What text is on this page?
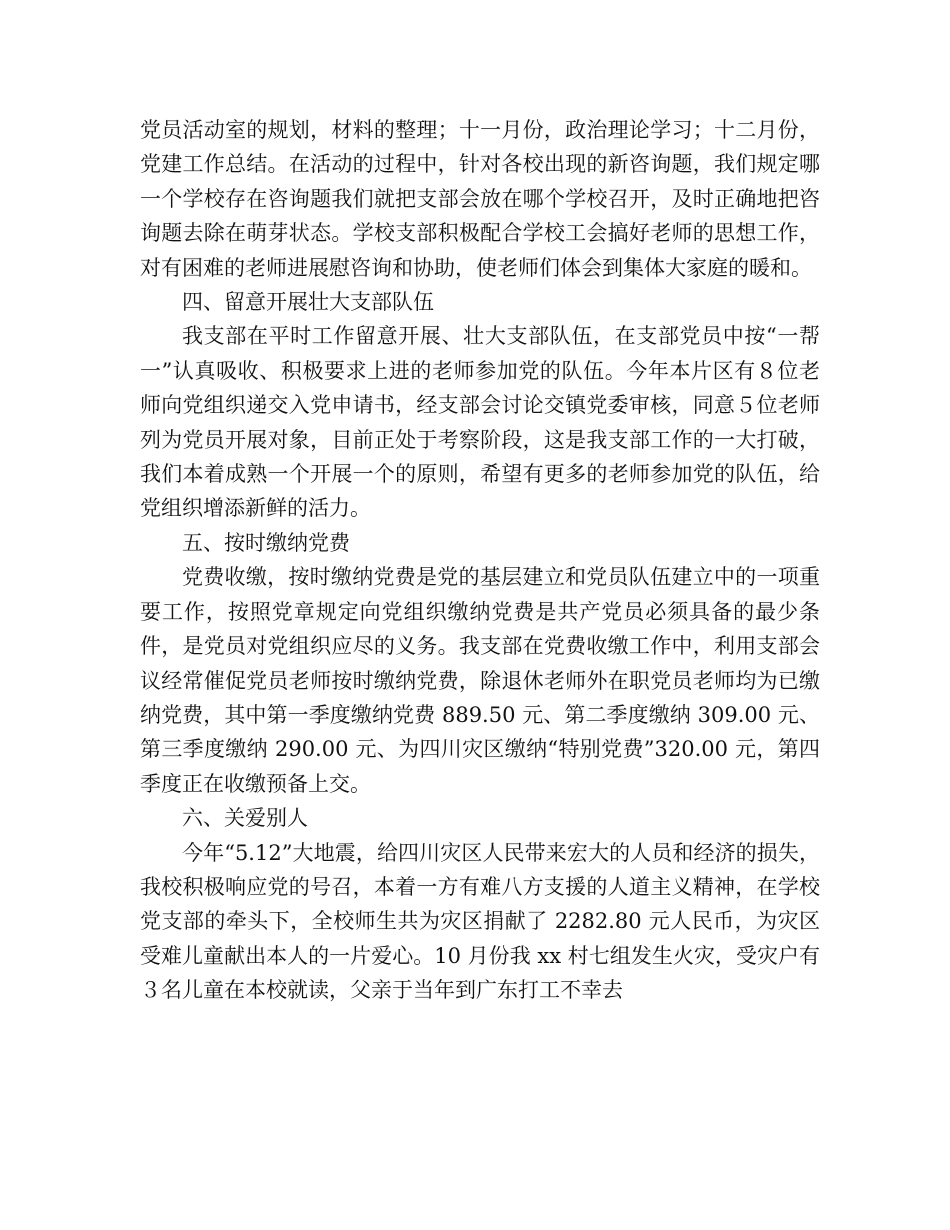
党员活动室的规划，材料的整理；十一月份，政治理论学习；十二月份，党建工作总结。在活动的过程中，针对各校出现的新咨询题，我们规定哪一个学校存在咨询题我们就把支部会放在哪个学校召开，及时正确地把咨询题去除在萌芽状态。学校支部积极配合学校工会搞好老师的思想工作，对有困难的老师进展慰咨询和协助，使老师们体会到集体大家庭的暖和。

四、留意开展壮大支部队伍

我支部在平时工作留意开展、壮大支部队伍，在支部党员中按“一帮一”认真吸收、积极要求上进的老师参加党的队伍。今年本片区有８位老师向党组织递交入党申请书，经支部会讨论交镇党委审核，同意５位老师列为党员开展对象，目前正处于考察阶段，这是我支部工作的一大打破，我们本着成熟一个开展一个的原则，希望有更多的老师参加党的队伍，给党组织增添新鲜的活力。

五、按时缴纳党费

党费收缴，按时缴纳党费是党的基层建立和党员队伍建立中的一项重要工作，按照党章规定向党组织缴纳党费是共产党员必须具备的最少条件，是党员对党组织应尽的义务。我支部在党费收缴工作中，利用支部会议经常催促党员老师按时缴纳党费，除退休老师外在职党员老师均为已缴纳党费，其中第一季度缴纳党费 889.50 元、第二季度缴纳 309.00 元、第三季度缴纳 290.00 元、为四川灾区缴纳“特别党费”320.00 元，第四季度正在收缴预备上交。

六、关爱别人

今年“5.12”大地震，给四川灾区人民带来宏大的人员和经济的损失，我校积极响应党的号召，本着一方有难八方支援的人道主义精神，在学校党支部的牵头下，全校师生共为灾区捐献了 2282.80 元人民币，为灾区受难儿童献出本人的一片爱心。10 月份我 xx 村七组发生火灾，受灾户有３名儿童在本校就读，父亲于当年到广东打工不幸去
